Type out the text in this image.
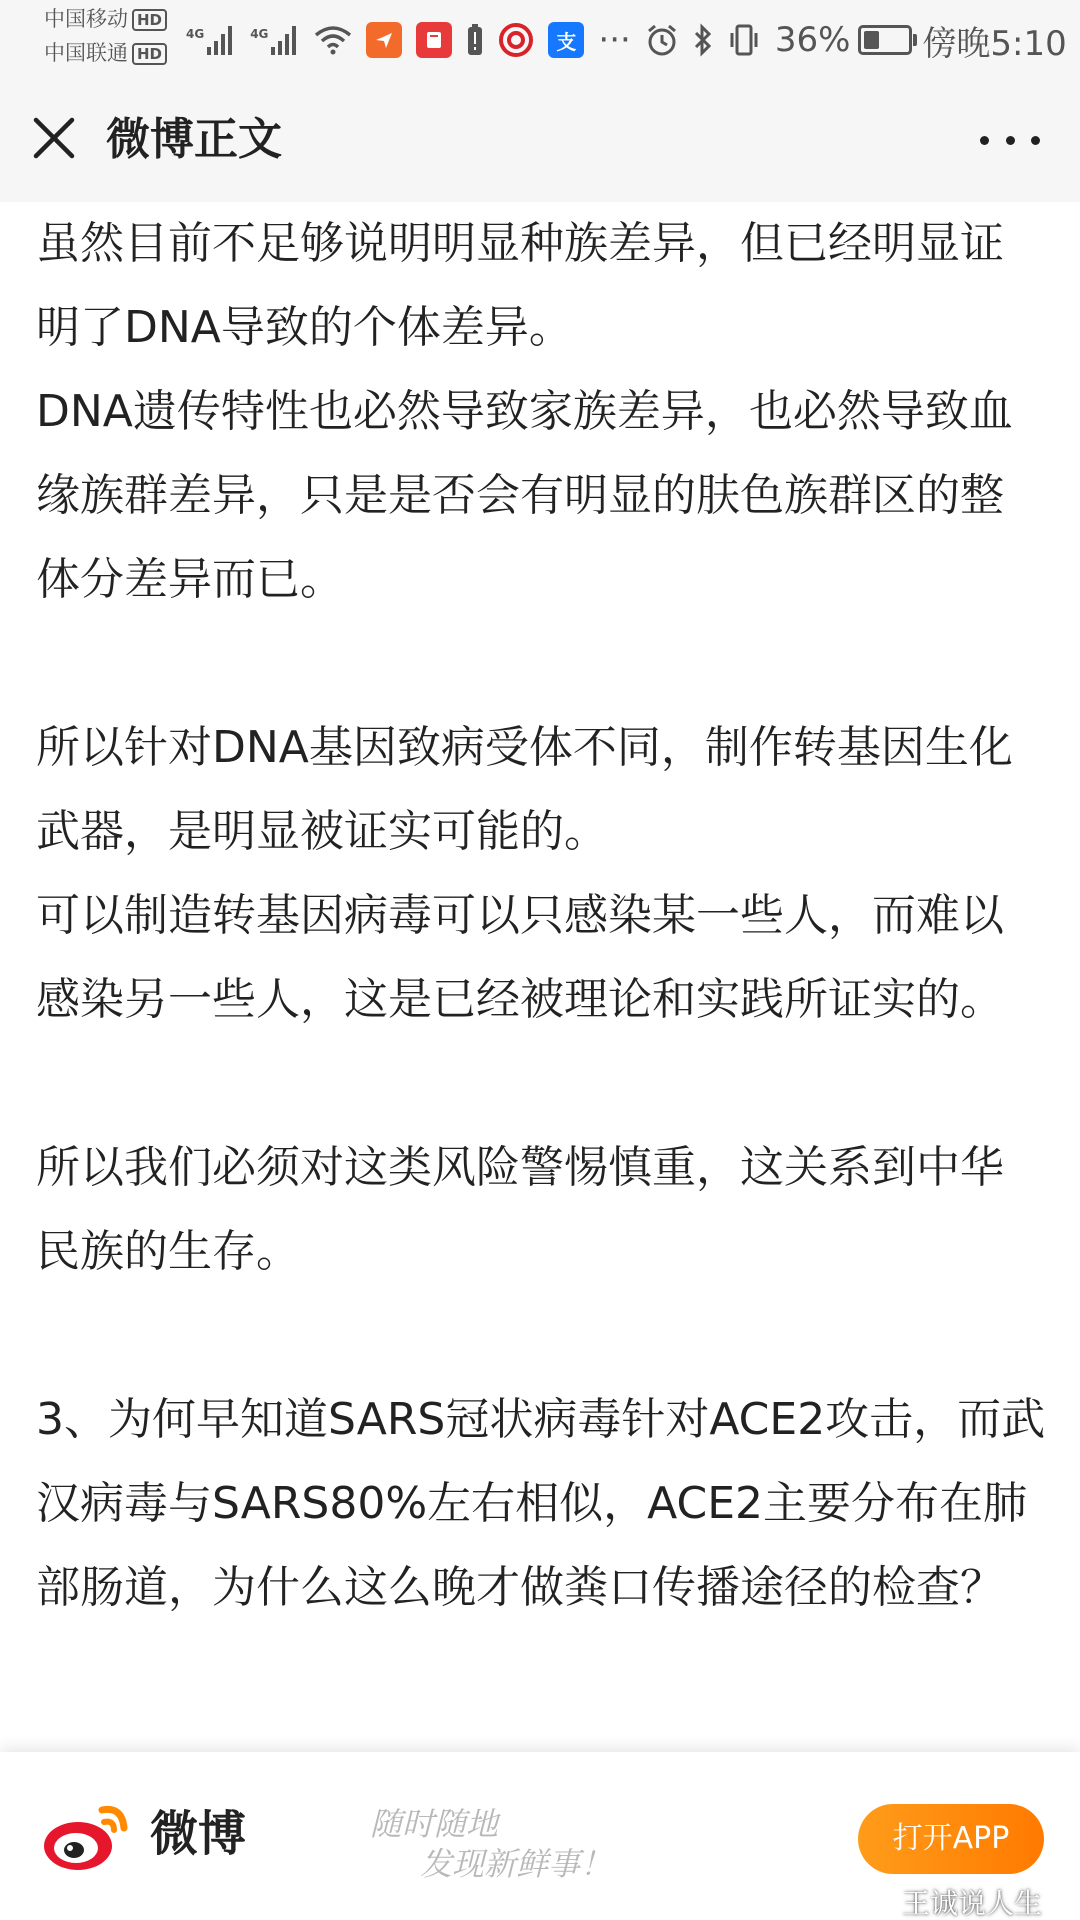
中国移动 HD
中国联通 HD
4G	4G	支 ···	36% 傍晚5:10
微博正文

虽然目前不足够说明明显种族差异，但已经明显证明了DNA导致的个体差异。

DNA遗传特性也必然导致家族差异，也必然导致血缘族群差异，只是是否会有明显的肤色族群区的整体分差异而已。

所以针对DNA基因致病受体不同，制作转基因生化武器，是明显被证实可能的。

可以制造转基因病毒可以只感染某一些人，而难以感染另一些人，这是已经被理论和实践所证实的。

所以我们必须对这类风险警惕慎重，这关系到中华民族的生存。

3、为何早知道SARS冠状病毒针对ACE2攻击，而武汉病毒与SARS80%左右相似，ACE2主要分布在肺部肠道，为什么这么晚才做粪口传播途径的检查？

微博	随时随地
发现新鲜事！
打开APP
王诚说人生
